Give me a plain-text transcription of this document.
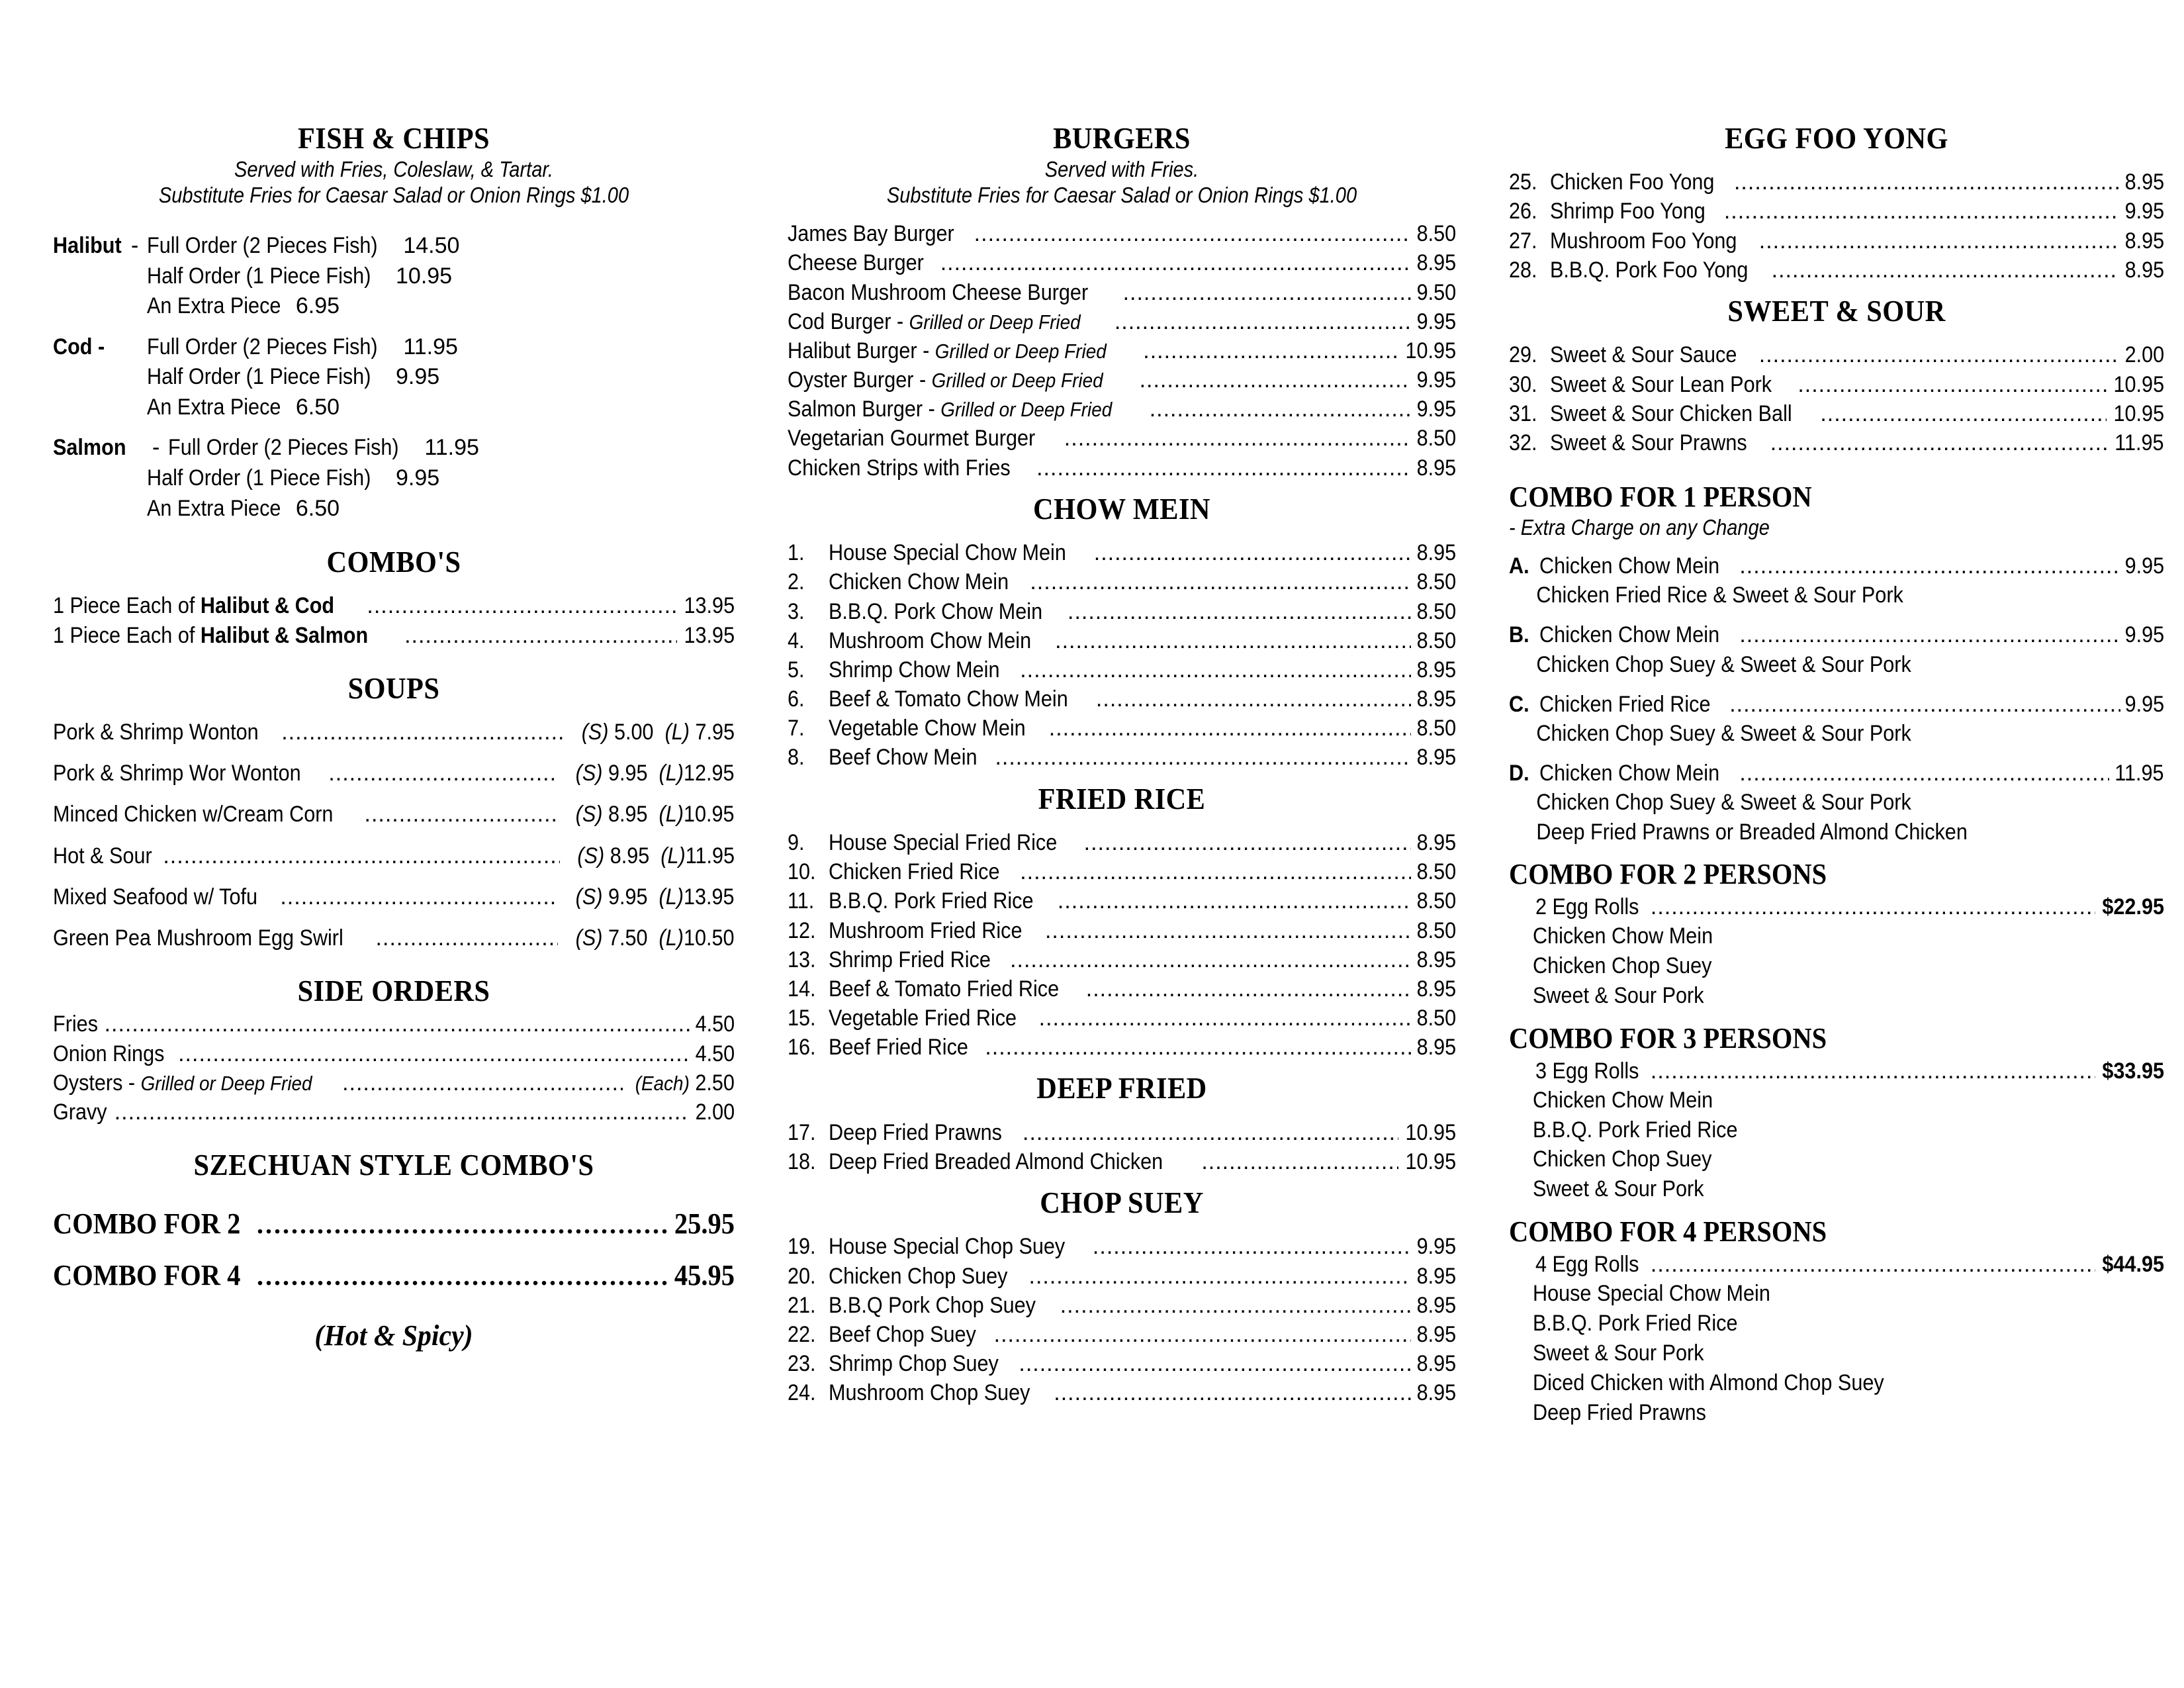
FISH & CHIPS
Served with Fries, Coleslaw, & Tartar.
Substitute Fries for Caesar Salad or Onion Rings $1.00
Halibut - Full Order (2 Pieces Fish) 14.50
Half Order (1 Piece Fish) 10.95
An Extra Piece 6.95
Cod -	Full Order (2 Pieces Fish) 11.95
Half Order (1 Piece Fish) 9.95
An Extra Piece 6.50
Salmon	- Full Order (2 Pieces Fish) 11.95
Half Order (1 Piece Fish) 9.95
An Extra Piece 6.50
COMBO'S
1 Piece Each of Halibut & Cod .....	13.95
1 Piece Each of Halibut & Salmon .....	13.95
SOUPS
Pork & Shrimp Wonton .....	(S) 5.00 (L) 7.95
Pork & Shrimp Wor Wonton .....	(S) 9.95 (L)12.95
Minced Chicken w/Cream Corn .....	(S) 8.95 (L)10.95
Hot & Sour .....	(S) 8.95 (L)11.95
Mixed Seafood w/ Tofu .....	(S) 9.95 (L)13.95
Green Pea Mushroom Egg Swirl .....	(S) 7.50 (L)10.50
SIDE ORDERS
Fries .....	4.50
Onion Rings .....	4.50
Oysters - Grilled or Deep Fried .....	(Each) 2.50
Gravy .....	2.00
SZECHUAN STYLE COMBO'S
COMBO FOR 2 .....	25.95
COMBO FOR 4 .....	45.95
(Hot & Spicy)
BURGERS
Served with Fries.
Substitute Fries for Caesar Salad or Onion Rings $1.00
James Bay Burger .....	8.50
Cheese Burger .....	8.95
Bacon Mushroom Cheese Burger .....	9.50
Cod Burger - Grilled or Deep Fried .....	9.95
Halibut Burger - Grilled or Deep Fried .....	10.95
Oyster Burger - Grilled or Deep Fried .....	9.95
Salmon Burger - Grilled or Deep Fried .....	9.95
Vegetarian Gourmet Burger .....	8.50
Chicken Strips with Fries .....	8.95
CHOW MEIN
1.	House Special Chow Mein .....	8.95
2.	Chicken Chow Mein .....	8.50
3.	B.B.Q. Pork Chow Mein .....	8.50
4.	Mushroom Chow Mein .....	8.50
5.	Shrimp Chow Mein .....	8.95
6.	Beef & Tomato Chow Mein .....	8.95
7.	Vegetable Chow Mein .....	8.50
8.	Beef Chow Mein .....	8.95
FRIED RICE
9.	House Special Fried Rice .....	8.95
10. Chicken Fried Rice .....	8.50
11. B.B.Q. Pork Fried Rice .....	8.50
12. Mushroom Fried Rice .....	8.50
13. Shrimp Fried Rice .....	8.95
14. Beef & Tomato Fried Rice .....	8.95
15. Vegetable Fried Rice .....	8.50
16. Beef Fried Rice .....	8.95
DEEP FRIED
17. Deep Fried Prawns .....	10.95
18. Deep Fried Breaded Almond Chicken .....	10.95
CHOP SUEY
19. House Special Chop Suey .....	9.95
20. Chicken Chop Suey .....	8.95
21. B.B.Q Pork Chop Suey .....	8.95
22. Beef Chop Suey .....	8.95
23. Shrimp Chop Suey .....	8.95
24. Mushroom Chop Suey .....	8.95
EGG FOO YONG
25. Chicken Foo Yong .....	8.95
26. Shrimp Foo Yong .....	9.95
27. Mushroom Foo Yong .....	8.95
28. B.B.Q. Pork Foo Yong .....	8.95
SWEET & SOUR
29. Sweet & Sour Sauce .....	2.00
30. Sweet & Sour Lean Pork .....	10.95
31. Sweet & Sour Chicken Ball .....	10.95
32. Sweet & Sour Prawns .....	11.95
COMBO FOR 1 PERSON
- Extra Charge on any Change
A. Chicken Chow Mein .....	9.95
Chicken Fried Rice & Sweet & Sour Pork
B. Chicken Chow Mein .....	9.95
Chicken Chop Suey & Sweet & Sour Pork
C. Chicken Fried Rice .....	9.95
Chicken Chop Suey & Sweet & Sour Pork
D. Chicken Chow Mein .....	11.95
Chicken Chop Suey & Sweet & Sour Pork
Deep Fried Prawns or Breaded Almond Chicken
COMBO FOR 2 PERSONS
2 Egg Rolls .....	$22.95
Chicken Chow Mein
Chicken Chop Suey
Sweet & Sour Pork
COMBO FOR 3 PERSONS
3 Egg Rolls .....	$33.95
Chicken Chow Mein
B.B.Q. Pork Fried Rice
Chicken Chop Suey
Sweet & Sour Pork
COMBO FOR 4 PERSONS
4 Egg Rolls .....	$44.95
House Special Chow Mein
B.B.Q. Pork Fried Rice
Sweet & Sour Pork
Diced Chicken with Almond Chop Suey
Deep Fried Prawns
